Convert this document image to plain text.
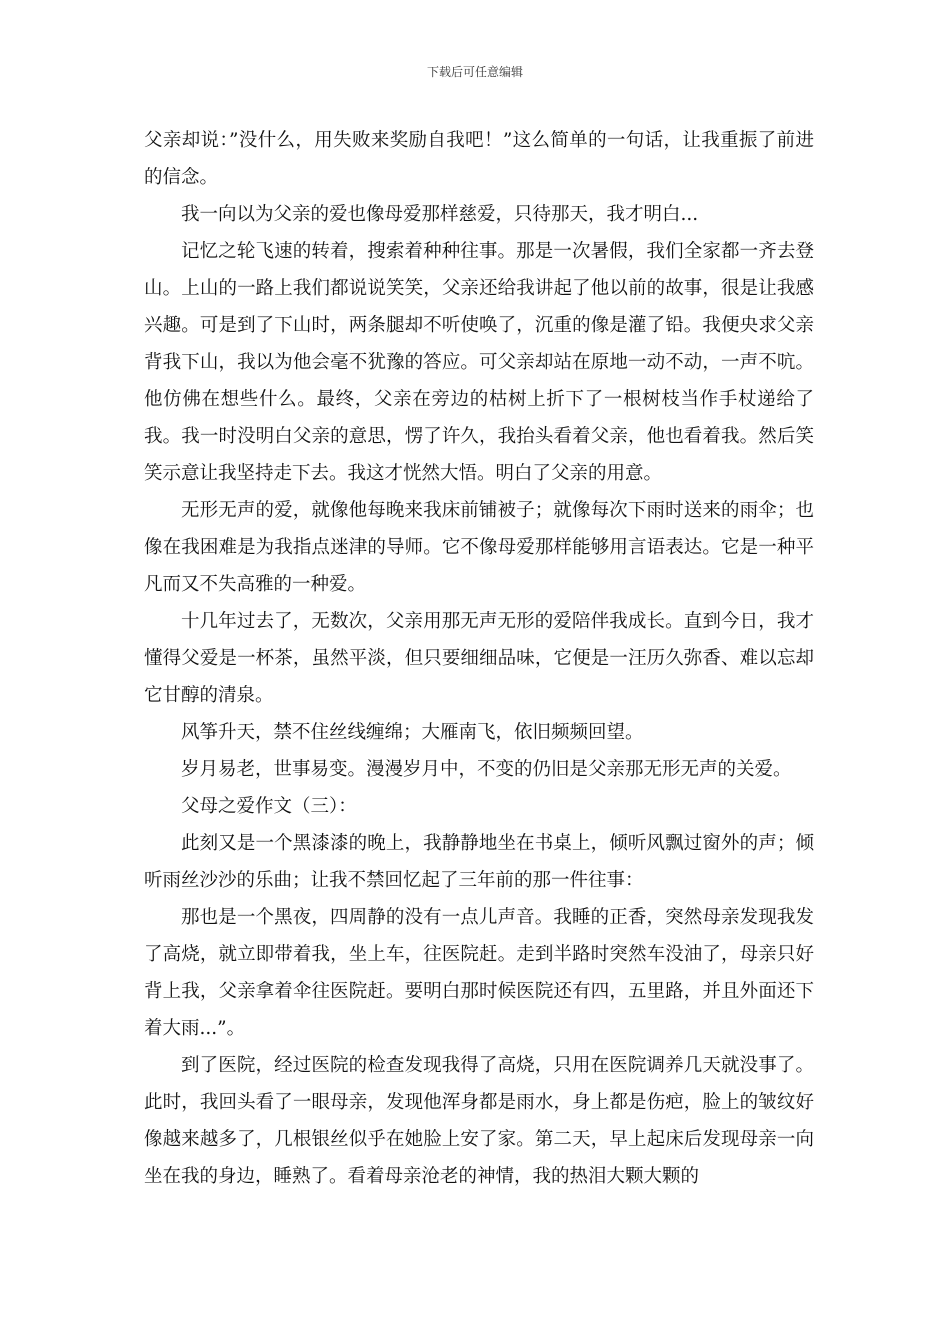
下载后可任意编辑

父亲却说：”没什么，用失败来奖励自我吧！”这么简单的一句话，让我重振了前进的信念。

我一向以为父亲的爱也像母爱那样慈爱，只待那天，我才明白...

记忆之轮飞速的转着，搜索着种种往事。那是一次暑假，我们全家都一齐去登山。上山的一路上我们都说说笑笑，父亲还给我讲起了他以前的故事，很是让我感兴趣。可是到了下山时，两条腿却不听使唤了，沉重的像是灌了铅。我便央求父亲背我下山，我以为他会毫不犹豫的答应。可父亲却站在原地一动不动，一声不吭。他仿佛在想些什么。最终，父亲在旁边的枯树上折下了一根树枝当作手杖递给了我。我一时没明白父亲的意思，愣了许久，我抬头看着父亲，他也看着我。然后笑笑示意让我坚持走下去。我这才恍然大悟。明白了父亲的用意。

无形无声的爱，就像他每晚来我床前铺被子；就像每次下雨时送来的雨伞；也像在我困难是为我指点迷津的导师。它不像母爱那样能够用言语表达。它是一种平凡而又不失高雅的一种爱。

十几年过去了，无数次，父亲用那无声无形的爱陪伴我成长。直到今日，我才懂得父爱是一杯茶，虽然平淡，但只要细细品味，它便是一汪历久弥香、难以忘却它甘醇的清泉。

风筝升天，禁不住丝线缠绵；大雁南飞，依旧频频回望。

岁月易老，世事易变。漫漫岁月中，不变的仍旧是父亲那无形无声的关爱。

父母之爱作文（三）：

此刻又是一个黑漆漆的晚上，我静静地坐在书桌上，倾听风飘过窗外的声；倾听雨丝沙沙的乐曲；让我不禁回忆起了三年前的那一件往事：

那也是一个黑夜，四周静的没有一点儿声音。我睡的正香，突然母亲发现我发了高烧，就立即带着我，坐上车，往医院赶。走到半路时突然车没油了，母亲只好背上我，父亲拿着伞往医院赶。要明白那时候医院还有四，五里路，并且外面还下着大雨...”。

到了医院，经过医院的检查发现我得了高烧，只用在医院调养几天就没事了。此时，我回头看了一眼母亲，发现他浑身都是雨水，身上都是伤疤，脸上的皱纹好像越来越多了，几根银丝似乎在她脸上安了家。第二天，早上起床后发现母亲一向坐在我的身边，睡熟了。看着母亲沧老的神情，我的热泪大颗大颗的
